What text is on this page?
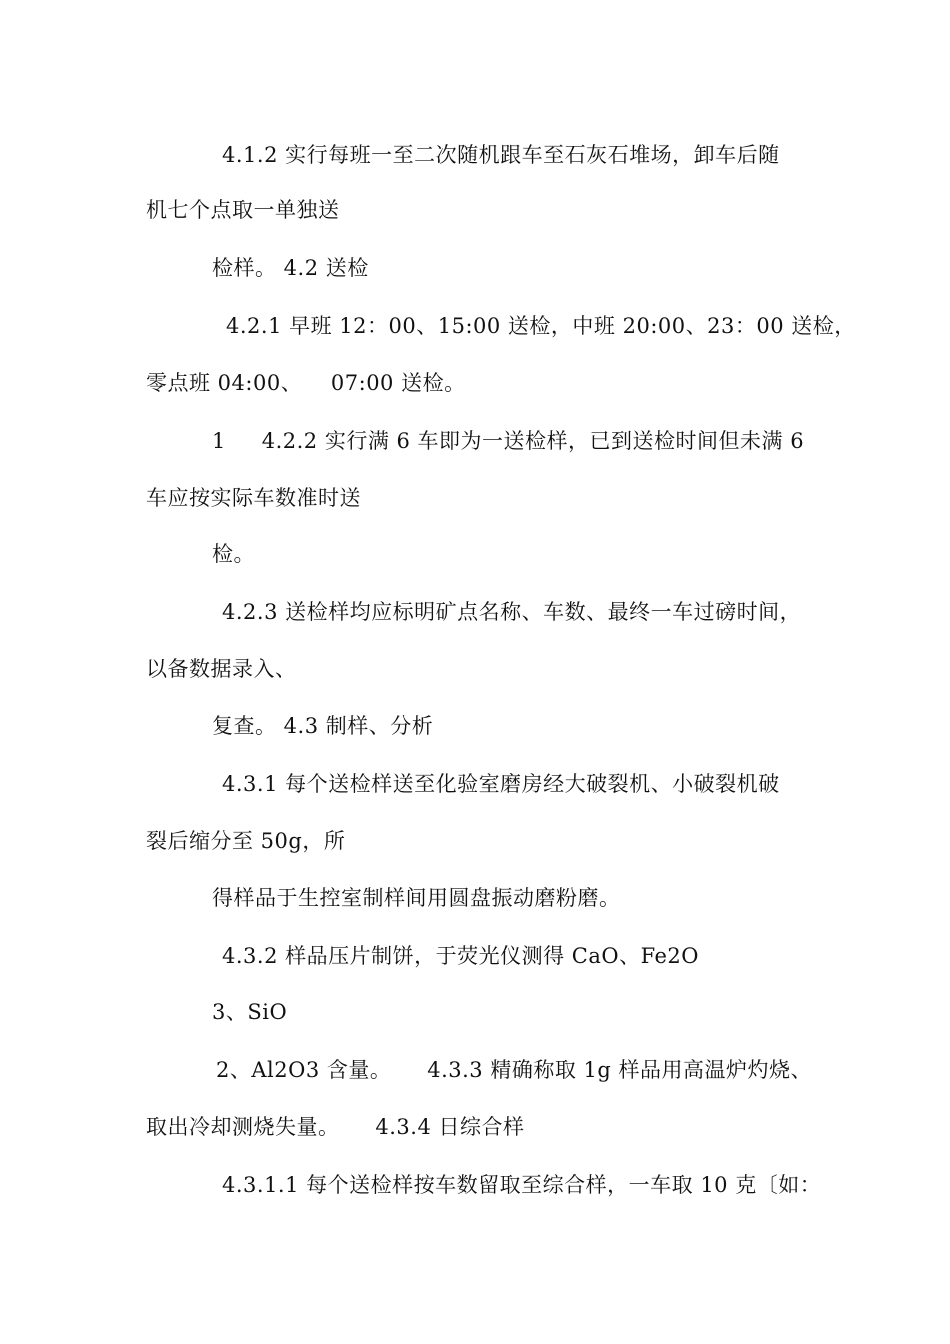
4.1.2 实行每班一至二次随机跟车至石灰石堆场，卸车后随
机七个点取一单独送
检样。 4.2 送检
4.2.1 早班 12：00、15:00 送检，中班 20:00、23：00 送检，
零点班 04:00、    07:00 送检。
1     4.2.2 实行满 6 车即为一送检样，已到送检时间但未满 6
车应按实际车数准时送
检。
4.2.3 送检样均应标明矿点名称、车数、最终一车过磅时间，
以备数据录入、
复查。 4.3 制样、分析
4.3.1 每个送检样送至化验室磨房经大破裂机、小破裂机破
裂后缩分至 50g，所
得样品于生控室制样间用圆盘振动磨粉磨。
4.3.2 样品压片制饼，于荧光仪测得 CaO、Fe2O
3、SiO
2、Al2O3 含量。     4.3.3 精确称取 1g 样品用高温炉灼烧、
取出冷却测烧失量。     4.3.4 日综合样
4.3.1.1 每个送检样按车数留取至综合样，一车取 10 克〔如：
